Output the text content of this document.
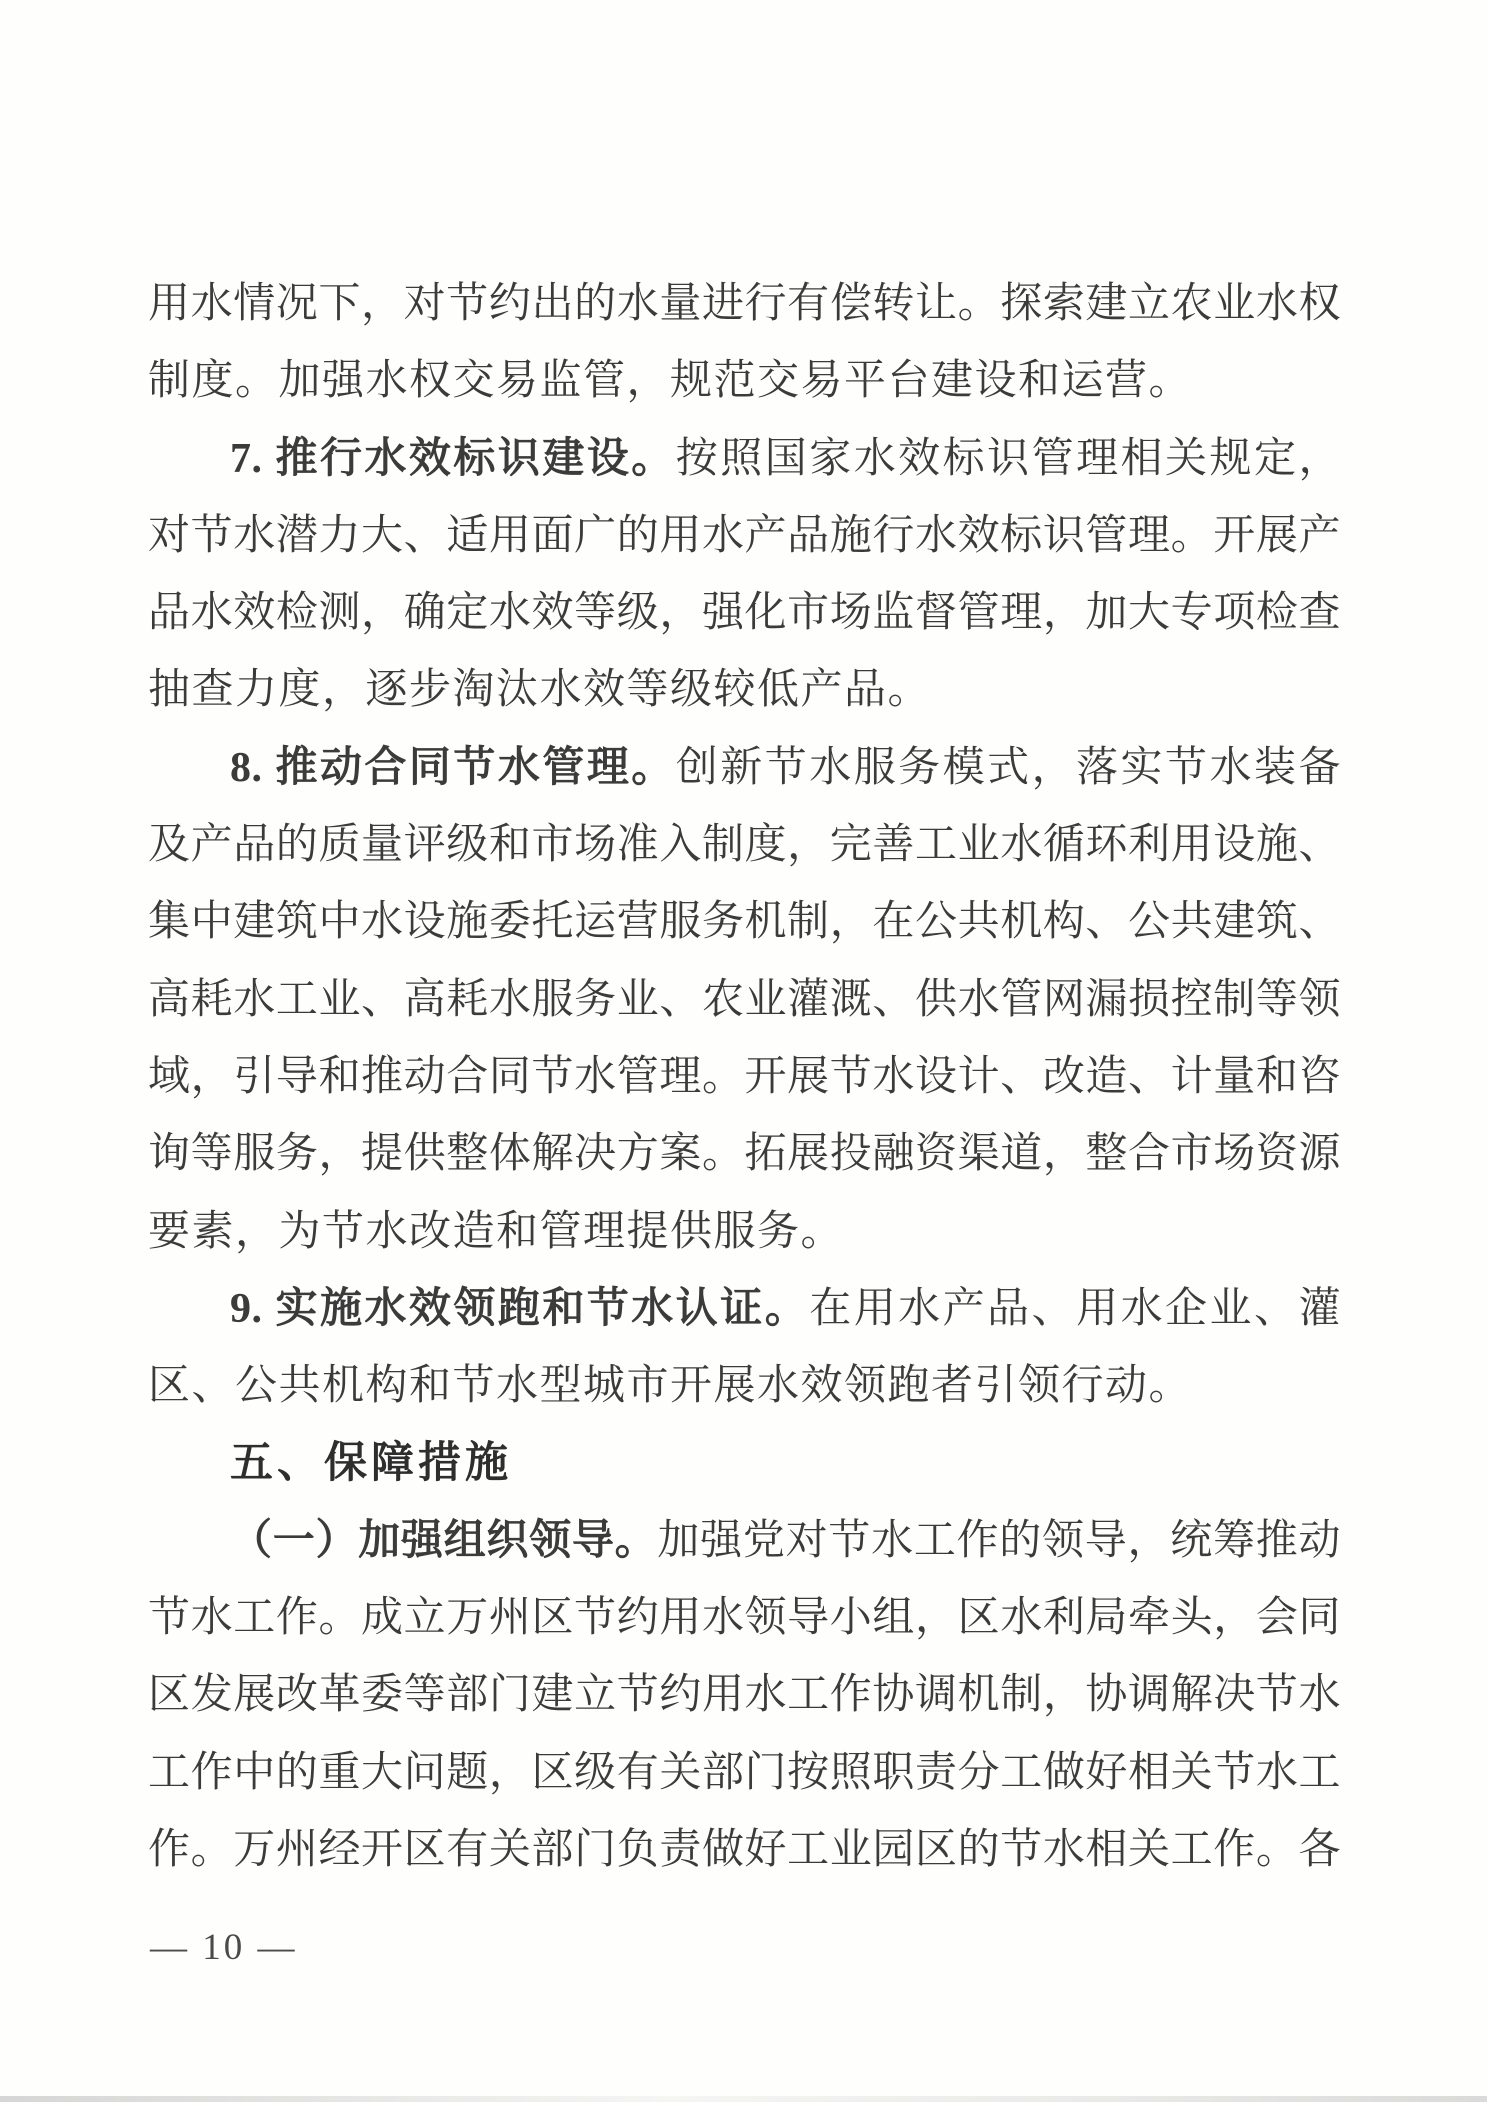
用水情况下，对节约出的水量进行有偿转让。探索建立农业水权
制度。加强水权交易监管，规范交易平台建设和运营。
7. 推行水效标识建设。按照国家水效标识管理相关规定，
对节水潜力大、适用面广的用水产品施行水效标识管理。开展产
品水效检测，确定水效等级，强化市场监督管理，加大专项检查
抽查力度，逐步淘汰水效等级较低产品。
8. 推动合同节水管理。创新节水服务模式，落实节水装备
及产品的质量评级和市场准入制度，完善工业水循环利用设施、
集中建筑中水设施委托运营服务机制，在公共机构、公共建筑、
高耗水工业、高耗水服务业、农业灌溉、供水管网漏损控制等领
域，引导和推动合同节水管理。开展节水设计、改造、计量和咨
询等服务，提供整体解决方案。拓展投融资渠道，整合市场资源
要素，为节水改造和管理提供服务。
9. 实施水效领跑和节水认证。在用水产品、用水企业、灌
区、公共机构和节水型城市开展水效领跑者引领行动。
五、保障措施
（一）加强组织领导。加强党对节水工作的领导，统筹推动
节水工作。成立万州区节约用水领导小组，区水利局牵头，会同
区发展改革委等部门建立节约用水工作协调机制，协调解决节水
工作中的重大问题，区级有关部门按照职责分工做好相关节水工
作。万州经开区有关部门负责做好工业园区的节水相关工作。各
— 10 —
